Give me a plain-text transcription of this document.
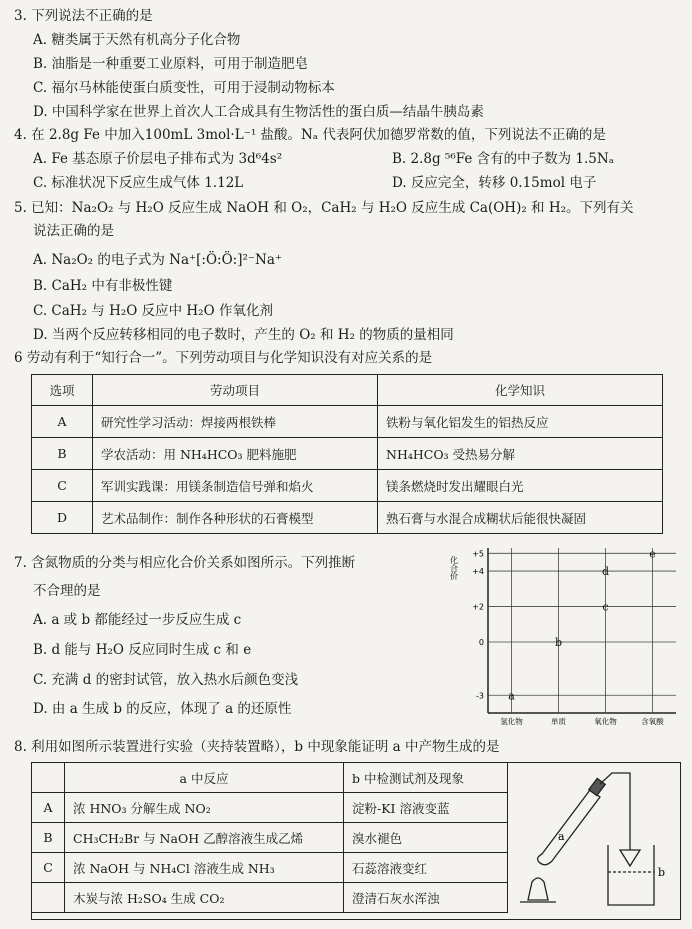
3. 下列说法不正确的是
A. 糖类属于天然有机高分子化合物
B. 油脂是一种重要工业原料，可用于制造肥皂
C. 福尔马林能使蛋白质变性，可用于浸制动物标本
D. 中国科学家在世界上首次人工合成具有生物活性的蛋白质—结晶牛胰岛素
4. 在 2.8g Fe 中加入100mL 3mol·L⁻¹ 盐酸。Nₐ 代表阿伏加德罗常数的值，下列说法不正确的是
A. Fe 基态原子价层电子排布式为 3d⁶4s²	B. 2.8g ⁵⁶Fe 含有的中子数为 1.5Nₐ
C. 标准状况下反应生成气体 1.12L	D. 反应完全，转移 0.15mol 电子
5. 已知：Na₂O₂ 与 H₂O 反应生成 NaOH 和 O₂，CaH₂ 与 H₂O 反应生成 Ca(OH)₂ 和 H₂。下列有关
说法正确的是
A. Na₂O₂ 的电子式为 Na⁺[:Ö:Ö:]²⁻Na⁺
B. CaH₂ 中有非极性键
C. CaH₂ 与 H₂O 反应中 H₂O 作氧化剂
D. 当两个反应转移相同的电子数时，产生的 O₂ 和 H₂ 的物质的量相同
6 劳动有利于“知行合一”。下列劳动项目与化学知识没有对应关系的是
选项	劳动项目	化学知识
A	研究性学习活动：焊接两根铁棒	铁粉与氧化铝发生的铝热反应
B	学农活动：用 NH₄HCO₃ 肥料施肥	NH₄HCO₃ 受热易分解
C	军训实践课：用镁条制造信号弹和焰火	镁条燃烧时发出耀眼白光
D	艺术品制作：制作各种形状的石膏模型	熟石膏与水混合成糊状后能很快凝固
7. 含氮物质的分类与相应化合价关系如图所示。下列推断
不合理的是
A. a 或 b 都能经过一步反应生成 c
B. d 能与 H₂O 反应同时生成 c 和 e
C. 充满 d 的密封试管，放入热水后颜色变浅
D. 由 a 生成 b 的反应，体现了 a 的还原性
化合价
+5
+4
+2
0
-3
氢化物	单质	氧化物	含氧酸
a
b
c
d
e
8. 利用如图所示装置进行实验（夹持装置略），b 中现象能证明 a 中产物生成的是
	a 中反应	b 中检测试剂及现象
A	浓 HNO₃ 分解生成 NO₂	淀粉-KI 溶液变蓝
B	CH₃CH₂Br 与 NaOH 乙醇溶液生成乙烯	溴水褪色
C	浓 NaOH 与 NH₄Cl 溶液生成 NH₃	石蕊溶液变红
	木炭与浓 H₂SO₄ 生成 CO₂	澄清石灰水浑浊
a
b
